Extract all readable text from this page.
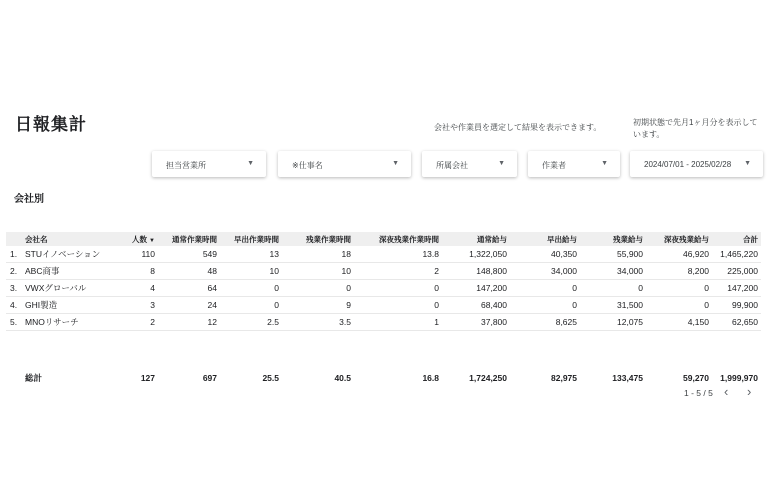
日報集計	会社や作業員を選定して結果を表示できます。
初期状態で先月1ヶ月分を表示しています。
担当営業所	▼	※仕事名	▼	所属会社	▼	作業者	▼	2024/07/01 - 2025/02/28 ▼
会社別
	会社名	人数 ▼	通常作業時間	早出作業時間	残業作業時間	深夜残業作業時間	通常給与	早出給与	残業給与	深夜残業給与	合計
1.	STUイノベーション	110	549	13	18	13.8	1,322,050	40,350	55,900	46,920	1,465,220
2.	ABC商事	8	48	10	10	2	148,800	34,000	34,000	8,200	225,000
3.	VWXグローバル	4	64	0	0	0	147,200	0	0	0	147,200
4.	GHI製造	3	24	0	9	0	68,400	0	31,500	0	99,900
5.	MNOリサーチ	2	12	2.5	3.5	1	37,800	8,625	12,075	4,150	62,650
	総計	127	697	25.5	40.5	16.8	1,724,250	82,975	133,475	59,270	1,999,970
1 - 5 / 5 ‹ ›
